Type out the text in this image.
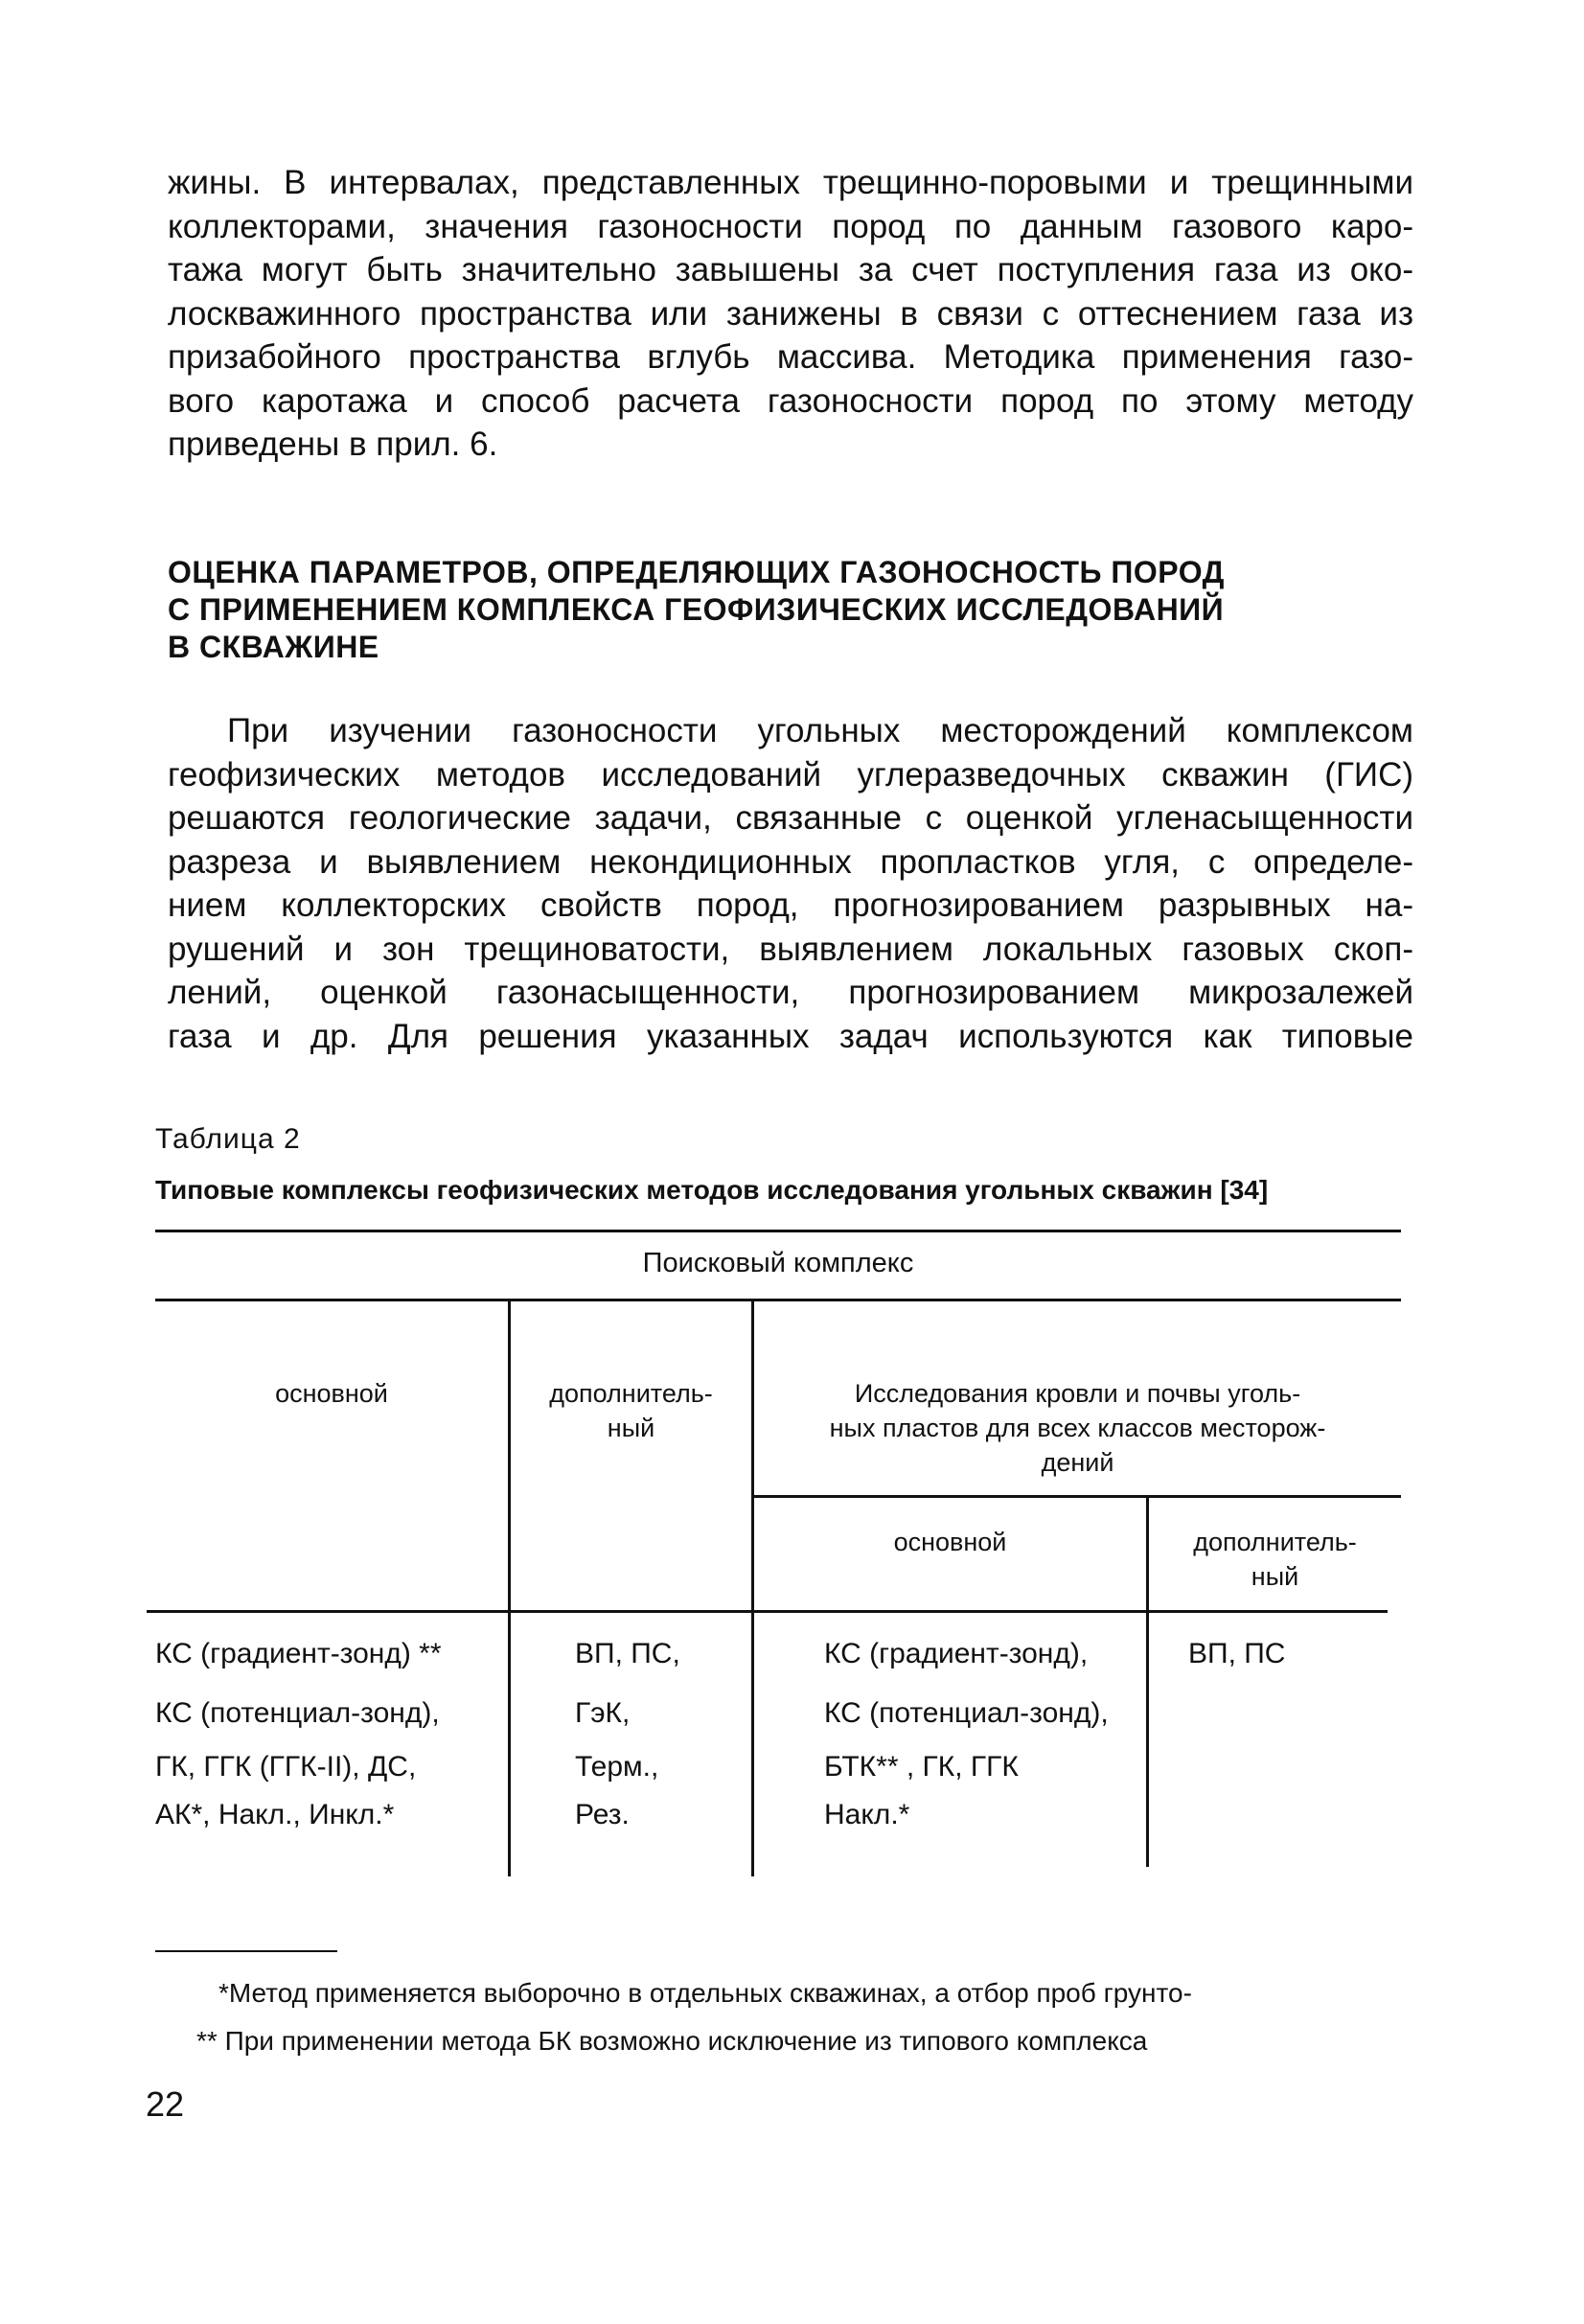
жины. В интервалах, представленных трещинно-поровыми и трещинными
коллекторами, значения газоносности пород по данным газового каро-
тажа могут быть значительно завышены за счет поступления газа из око-
лоскважинного пространства или занижены в связи с оттеснением газа из
призабойного пространства вглубь массива. Методика применения газо-
вого каротажа и способ расчета газоносности пород по этому методу
приведены в прил. 6.
ОЦЕНКА ПАРАМЕТРОВ, ОПРЕДЕЛЯЮЩИХ ГАЗОНОСНОСТЬ ПОРОД
С ПРИМЕНЕНИЕМ КОМПЛЕКСА ГЕОФИЗИЧЕСКИХ ИССЛЕДОВАНИЙ
В СКВАЖИНЕ
При изучении газоносности угольных месторождений комплексом
геофизических методов исследований углеразведочных скважин (ГИС)
решаются геологические задачи, связанные с оценкой угленасыщенности
разреза и выявлением некондиционных пропластков угля, с определе-
нием коллекторских свойств пород, прогнозированием разрывных на-
рушений и зон трещиноватости, выявлением локальных газовых скоп-
лений, оценкой газонасыщенности, прогнозированием микрозалежей
газа и др. Для решения указанных задач используются как типовые
Таблица 2
Типовые комплексы геофизических методов исследования угольных скважин [34]
Поисковый комплекс
основной	дополнитель-
ный
Исследования кровли и почвы уголь-
ных пластов для всех классов месторож-
дений
основной	дополнитель-
ный
КС (градиент-зонд) **
КС (потенциал-зонд),
ГК, ГГК (ГГК-II), ДС,
АК*, Накл., Инкл.*
ВП, ПС,
ГэК,
Терм.,
Рез.
КС (градиент-зонд),
КС (потенциал-зонд),
БТК** , ГК, ГГК
Накл.*
ВП, ПС
*Метод применяется выборочно в отдельных скважинах, а отбор проб грунто-
** При применении метода БК возможно исключение из типового комплекса
22
